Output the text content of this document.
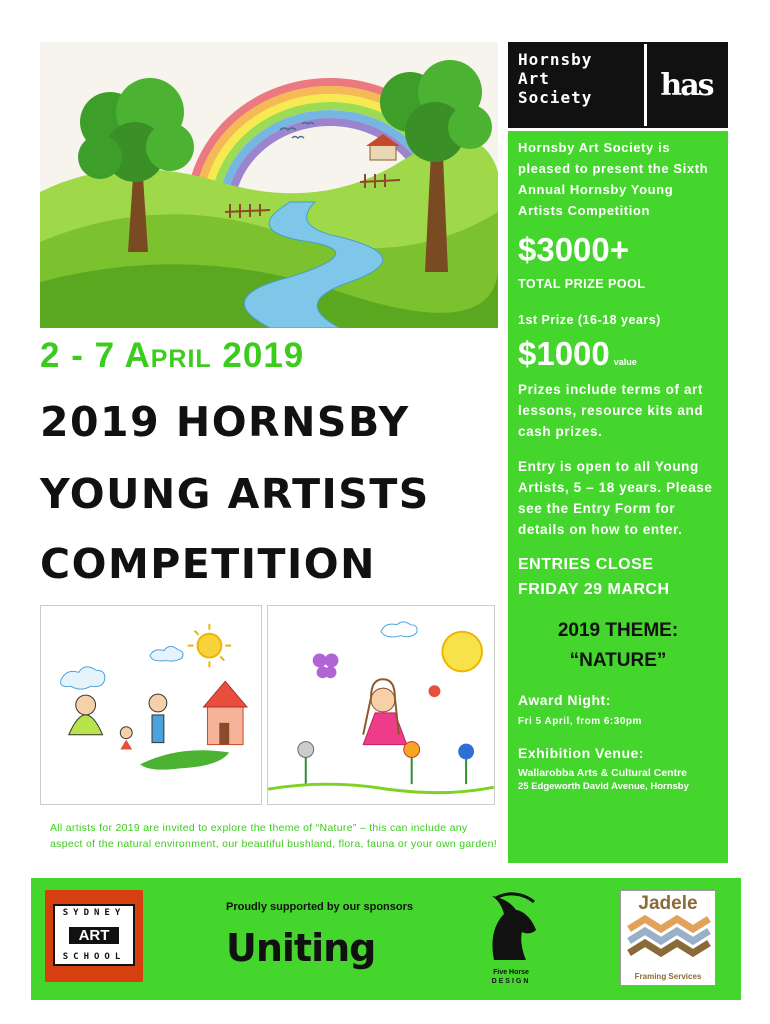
Hornsby
Art
Society	has
Hornsby Art Society is pleased to present the Sixth Annual Hornsby Young Artists Competition
$3000+
TOTAL PRIZE POOL
1st Prize (16-18 years)
$1000 value
Prizes include terms of art lessons, resource kits and cash prizes.
Entry is open to all Young Artists, 5 – 18 years. Please see the Entry Form for details on how to enter.
ENTRIES CLOSE
FRIDAY 29 MARCH
2019 THEME:
“NATURE”
Award Night:
Fri 5 April, from 6:30pm
Exhibition Venue:
Wallarobba Arts & Cultural Centre
25 Edgeworth David Avenue, Hornsby
2 - 7 April 2019
2019 HORNSBY
YOUNG ARTISTS
COMPETITION
All artists for 2019 are invited to explore the theme of “Nature” – this can include any aspect of the natural environment, our beautiful bushland, flora, fauna or your own garden!
SYDNEY
ART
SCHOOL
Proudly supported by our sponsors
Uniting
Five Horse
DESIGN
Jadele
Framing Services
